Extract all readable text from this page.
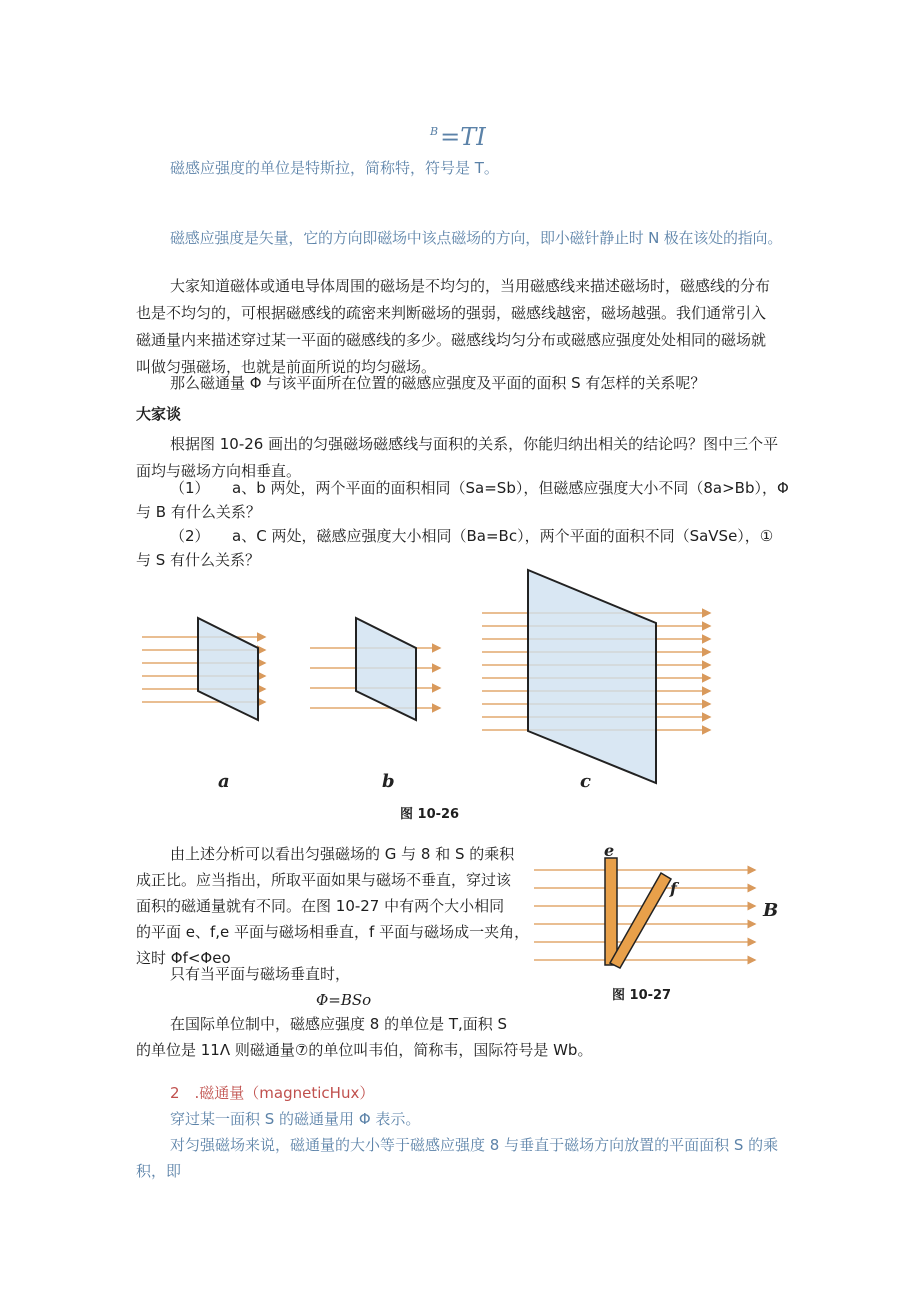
$^B$=TI

磁感应强度的单位是特斯拉，简称特，符号是 T。

磁感应强度是矢量，它的方向即磁场中该点磁场的方向，即小磁针静止时 N 极在该处的指向。

大家知道磁体或通电导体周围的磁场是不均匀的，当用磁感线来描述磁场时，磁感线的分布

也是不均匀的，可根据磁感线的疏密来判断磁场的强弱，磁感线越密，磁场越强。我们通常引入

磁通量内来描述穿过某一平面的磁感线的多少。磁感线均匀分布或磁感应强度处处相同的磁场就

叫做匀强磁场，也就是前面所说的均匀磁场。

那么磁通量 Φ 与该平面所在位置的磁感应强度及平面的面积 S 有怎样的关系呢？

大家谈

根据图 10-26 画出的匀强磁场磁感线与面积的关系，你能归纳出相关的结论吗？图中三个平

面均与磁场方向相垂直。

（1）　　a、b 两处，两个平面的面积相同（Sa=Sb），但磁感应强度大小不同（8a>Bb），Φ

与 B 有什么关系？

（2）　　a、C 两处，磁感应强度大小相同（Ba=Bc），两个平面的面积不同（SaVSe），①

与 S 有什么关系？

a	b	c

图 10-26

由上述分析可以看出匀强磁场的 G 与 8 和 S 的乘积

成正比。应当指出，所取平面如果与磁场不垂直，穿过该

面积的磁通量就有不同。在图 10-27 中有两个大小相同

的平面 e、f,e 平面与磁场相垂直，f 平面与磁场成一夹角，

这时 Φf<Φeo

只有当平面与磁场垂直时，

Φ=BSo

在国际单位制中，磁感应强度 8 的单位是 T,面积 S

的单位是 11Λ 则磁通量⑦的单位叫韦伯，简称韦，国际符号是 Wb。

e
f
B

图 10-27

2　.磁通量（magneticHux）

穿过某一面积 S 的磁通量用 Φ 表示。

对匀强磁场来说，磁通量的大小等于磁感应强度 8 与垂直于磁场方向放置的平面面积 S 的乘

积，即
